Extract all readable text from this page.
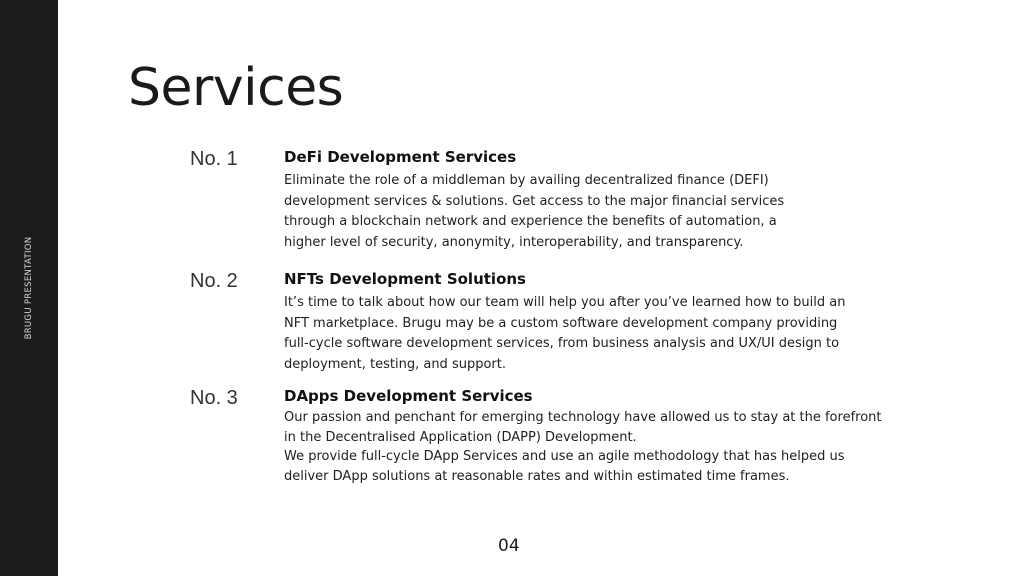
BRUGU PRESENTATION
Services
No. 1	DeFi Development Services
Eliminate the role of a middleman by availing decentralized finance (DEFI)
development services & solutions. Get access to the major financial services
through a blockchain network and experience the benefits of automation, a
higher level of security, anonymity, interoperability, and transparency.
No. 2	NFTs Development Solutions
It’s time to talk about how our team will help you after you’ve learned how to build an
NFT marketplace. Brugu may be a custom software development company providing
full-cycle software development services, from business analysis and UX/UI design to
deployment, testing, and support.
No. 3	DApps Development Services
Our passion and penchant for emerging technology have allowed us to stay at the forefront
in the Decentralised Application (DAPP) Development.
We provide full-cycle DApp Services and use an agile methodology that has helped us
deliver DApp solutions at reasonable rates and within estimated time frames.
04
